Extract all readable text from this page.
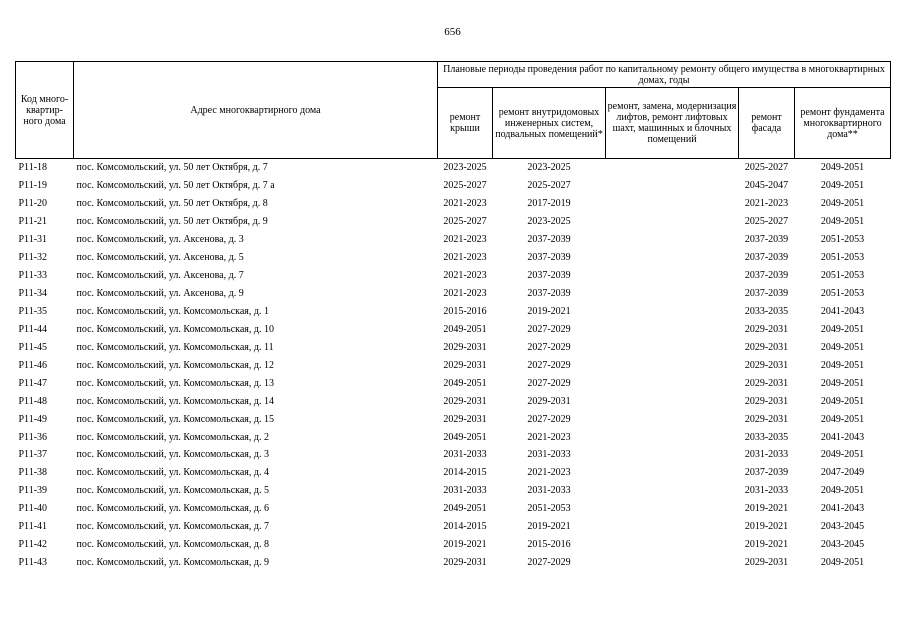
656
Код много-квартир-ного дома	Адрес многоквартирного дома	Плановые периоды проведения работ по капитальному ремонту общего имущества в многоквартирных домах, годы				
		ремонт крыши	ремонт внутридомовых инженерных систем, подвальных помещений*	ремонт, замена, модернизация лифтов, ремонт лифтовых шахт, машинных и блочных помещений	ремонт фасада	ремонт фундамента многоквартирного дома**
Р11-18	пос. Комсомольский, ул. 50 лет Октября, д. 7	2023-2025	2023-2025		2025-2027	2049-2051
Р11-19	пос. Комсомольский, ул. 50 лет Октября, д. 7 а	2025-2027	2025-2027		2045-2047	2049-2051
Р11-20	пос. Комсомольский, ул. 50 лет Октября, д. 8	2021-2023	2017-2019		2021-2023	2049-2051
Р11-21	пос. Комсомольский, ул. 50 лет Октября, д. 9	2025-2027	2023-2025		2025-2027	2049-2051
Р11-31	пос. Комсомольский, ул. Аксенова, д. 3	2021-2023	2037-2039		2037-2039	2051-2053
Р11-32	пос. Комсомольский, ул. Аксенова, д. 5	2021-2023	2037-2039		2037-2039	2051-2053
Р11-33	пос. Комсомольский, ул. Аксенова, д. 7	2021-2023	2037-2039		2037-2039	2051-2053
Р11-34	пос. Комсомольский, ул. Аксенова, д. 9	2021-2023	2037-2039		2037-2039	2051-2053
Р11-35	пос. Комсомольский, ул. Комсомольская, д. 1	2015-2016	2019-2021		2033-2035	2041-2043
Р11-44	пос. Комсомольский, ул. Комсомольская, д. 10	2049-2051	2027-2029		2029-2031	2049-2051
Р11-45	пос. Комсомольский, ул. Комсомольская, д. 11	2029-2031	2027-2029		2029-2031	2049-2051
Р11-46	пос. Комсомольский, ул. Комсомольская, д. 12	2029-2031	2027-2029		2029-2031	2049-2051
Р11-47	пос. Комсомольский, ул. Комсомольская, д. 13	2049-2051	2027-2029		2029-2031	2049-2051
Р11-48	пос. Комсомольский, ул. Комсомольская, д. 14	2029-2031	2029-2031		2029-2031	2049-2051
Р11-49	пос. Комсомольский, ул. Комсомольская, д. 15	2029-2031	2027-2029		2029-2031	2049-2051
Р11-36	пос. Комсомольский, ул. Комсомольская, д. 2	2049-2051	2021-2023		2033-2035	2041-2043
Р11-37	пос. Комсомольский, ул. Комсомольская, д. 3	2031-2033	2031-2033		2031-2033	2049-2051
Р11-38	пос. Комсомольский, ул. Комсомольская, д. 4	2014-2015	2021-2023		2037-2039	2047-2049
Р11-39	пос. Комсомольский, ул. Комсомольская, д. 5	2031-2033	2031-2033		2031-2033	2049-2051
Р11-40	пос. Комсомольский, ул. Комсомольская, д. 6	2049-2051	2051-2053		2019-2021	2041-2043
Р11-41	пос. Комсомольский, ул. Комсомольская, д. 7	2014-2015	2019-2021		2019-2021	2043-2045
Р11-42	пос. Комсомольский, ул. Комсомольская, д. 8	2019-2021	2015-2016		2019-2021	2043-2045
Р11-43	пос. Комсомольский, ул. Комсомольская, д. 9	2029-2031	2027-2029		2029-2031	2049-2051
